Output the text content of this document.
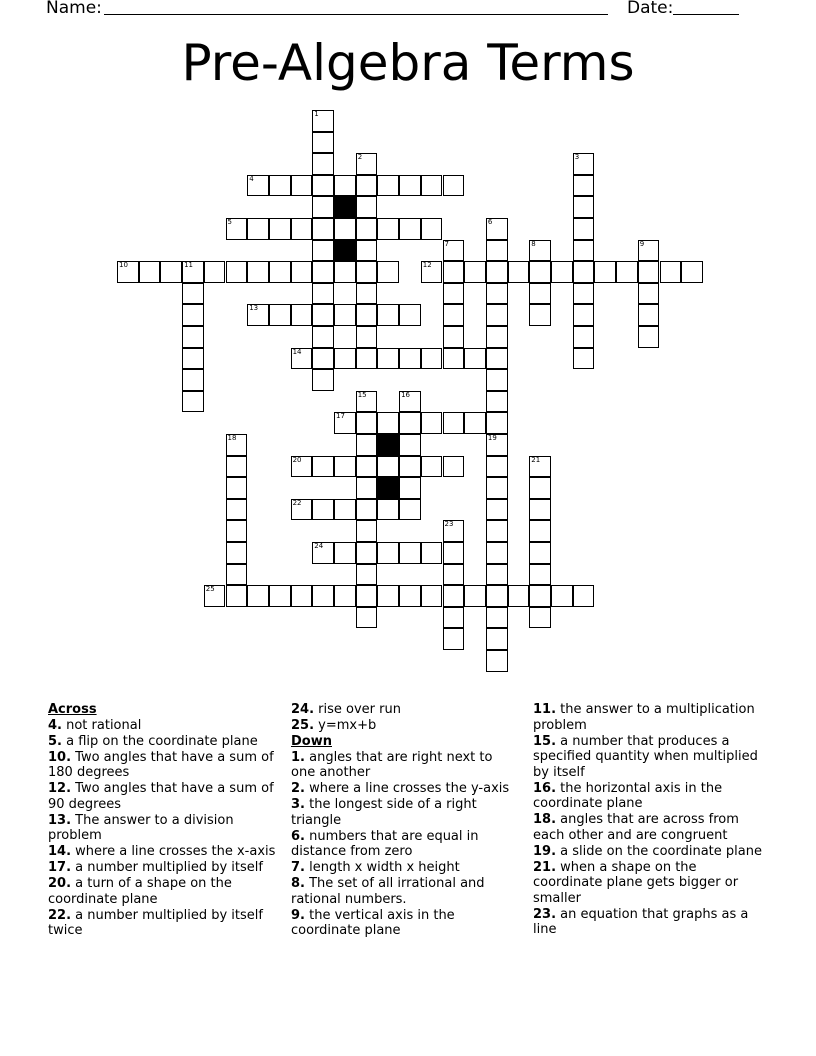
Name:	Date:
Pre-Algebra Terms
1
2	3
4
5	6
7	8	9
10	11	12
13
14
15	16
17
18	19
20	21
22
23
24
25
Across
4. not rational
5. a flip on the coordinate plane
10. Two angles that have a sum of 180 degrees
12. Two angles that have a sum of 90 degrees
13. The answer to a division problem
14. where a line crosses the x-axis
17. a number multiplied by itself
20. a turn of a shape on the coordinate plane
22. a number multiplied by itself twice
24. rise over run
25. y=mx+b
Down
1. angles that are right next to one another
2. where a line crosses the y-axis
3. the longest side of a right triangle
6. numbers that are equal in distance from zero
7. length x width x height
8. The set of all irrational and rational numbers.
9. the vertical axis in the coordinate plane
11. the answer to a multiplication problem
15. a number that produces a specified quantity when multiplied by itself
16. the horizontal axis in the coordinate plane
18. angles that are across from each other and are congruent
19. a slide on the coordinate plane
21. when a shape on the coordinate plane gets bigger or smaller
23. an equation that graphs as a line
